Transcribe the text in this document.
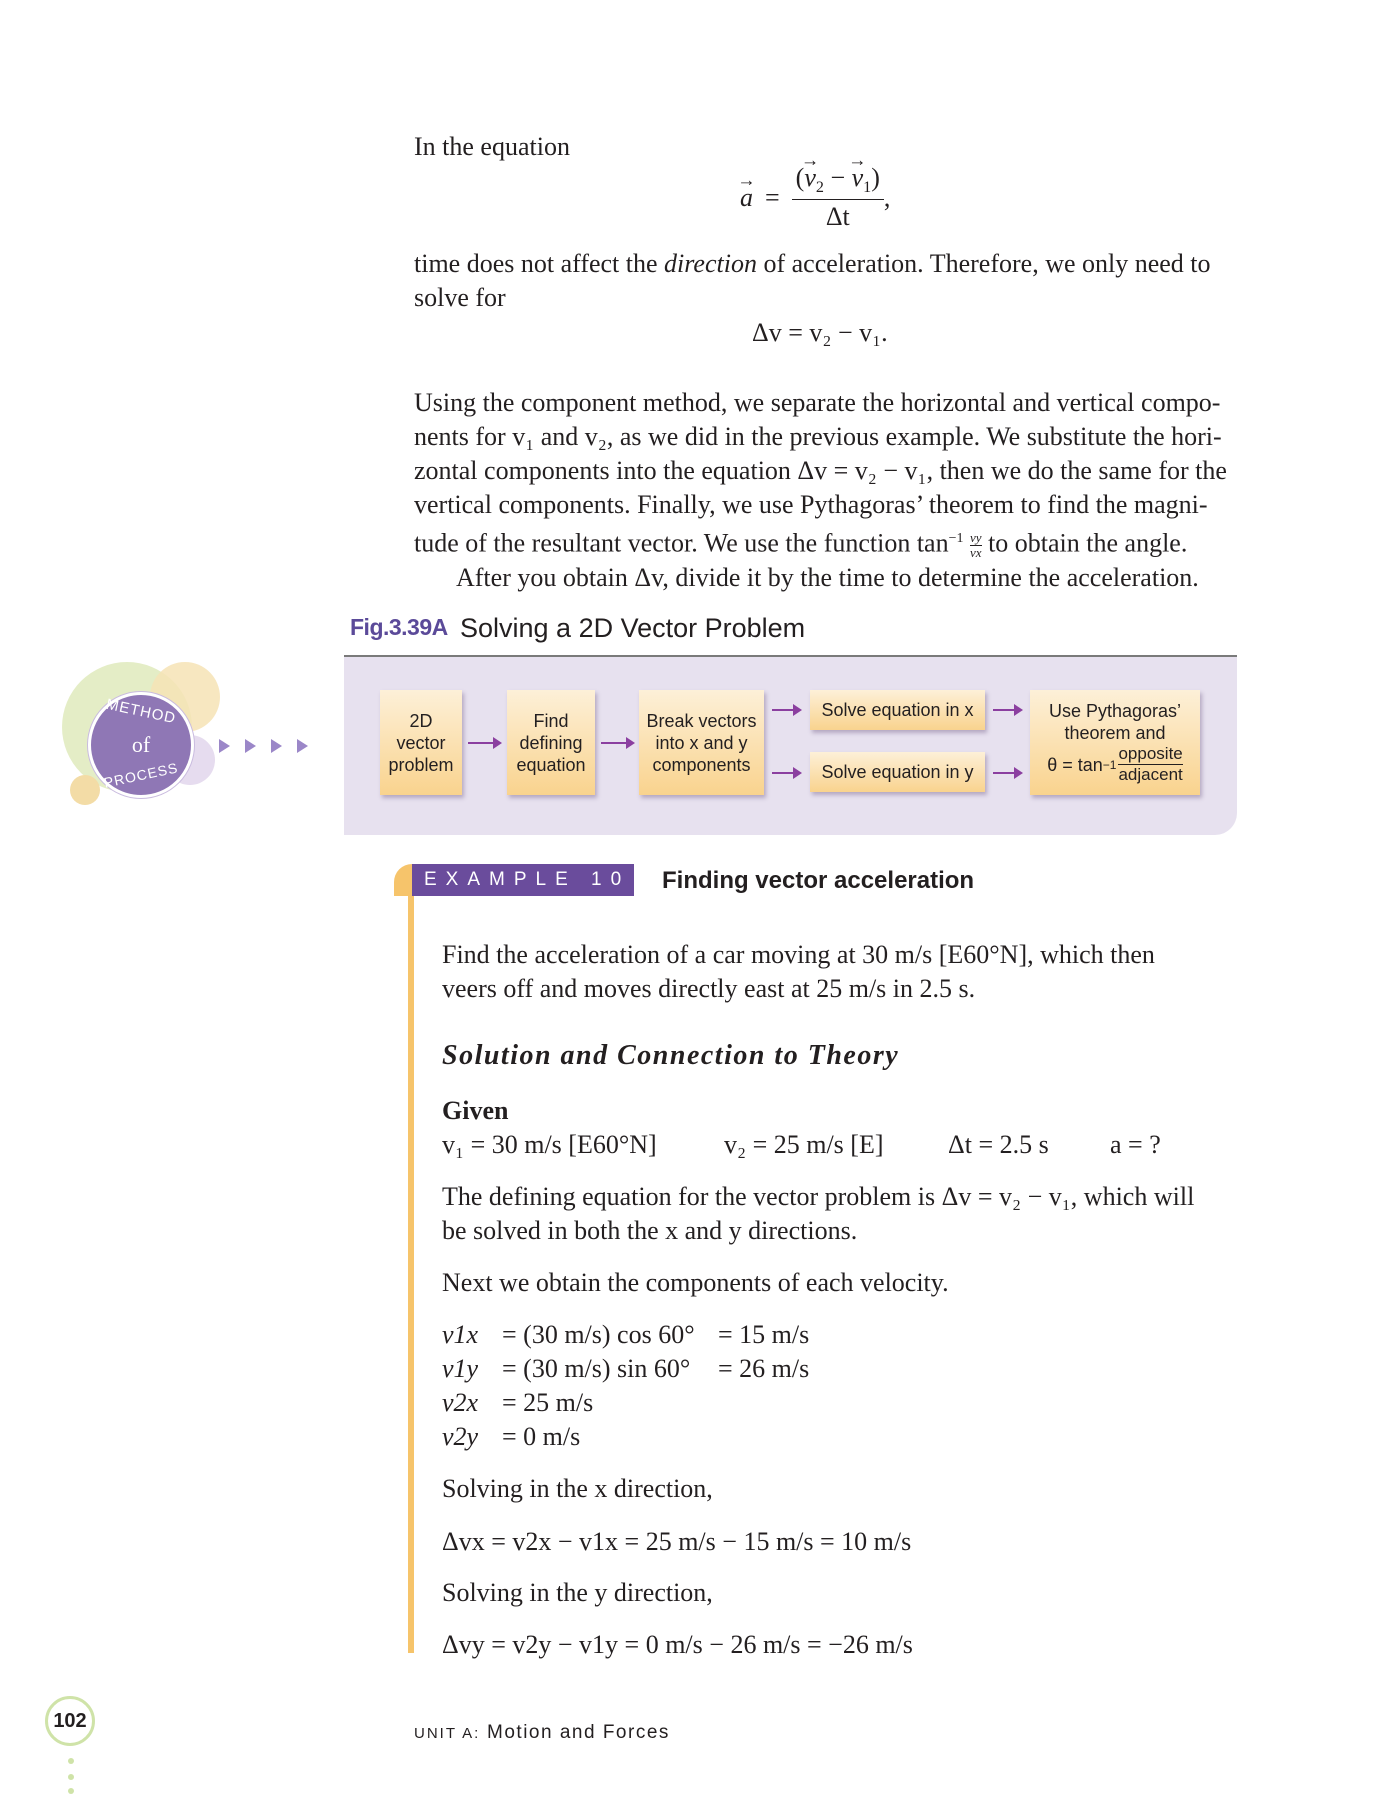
In the equation
→ $a = \frac{(\to v_2 - \to v_1)}{\Delta t}$ ,
time does not affect the direction of acceleration. Therefore, we only need to solve for
Δv = v₂ − v₁.
Using the component method, we separate the horizontal and vertical compo-
nents for v₁ and v₂, as we did in the previous example. We substitute the hori-
zontal components into the equation Δv = v₂ − v₁, then we do the same for the
vertical components. Finally, we use Pythagoras’ theorem to find the magni-
tude of the resultant vector. We use the function $\tan^{-1} \frac{vy}{vx}$ to obtain the angle.
After you obtain Δv, divide it by the time to determine the acceleration.
Fig.3.39A Solving a 2D Vector Problem
METHOD
of
PROCESS
2D
vector
problem
Find
defining
equation
Break vectors
into x and y
components
Solve equation in x
Solve equation in y
Use Pythagoras’
theorem and
$\theta = \tan -1 \frac{\text{opposite}}{\text{adjacent}}$
EXAMPLE 10 Finding vector acceleration
Find the acceleration of a car moving at 30 m/s [E60°N], which then
veers off and moves directly east at 25 m/s in 2.5 s.
Solution and Connection to Theory
Given
v₁ = 30 m/s [E60°N]	v₂ = 25 m/s [E] Δt = 2.5 s a = ?
The defining equation for the vector problem is Δv = v₂ − v₁, which will
be solved in both the x and y directions.
Next we obtain the components of each velocity.
v1x = (30 m/s) cos 60° = 15 m/s
v1y = (30 m/s) sin 60°	= 26 m/s
v2x = 25 m/s
v2y = 0 m/s
Solving in the x direction,
Δvx = v2x − v1x = 25 m/s − 15 m/s = 10 m/s
Solving in the y direction,
Δvy = v2y − v1y = 0 m/s − 26 m/s = −26 m/s
102
UNIT A: Motion and Forces
